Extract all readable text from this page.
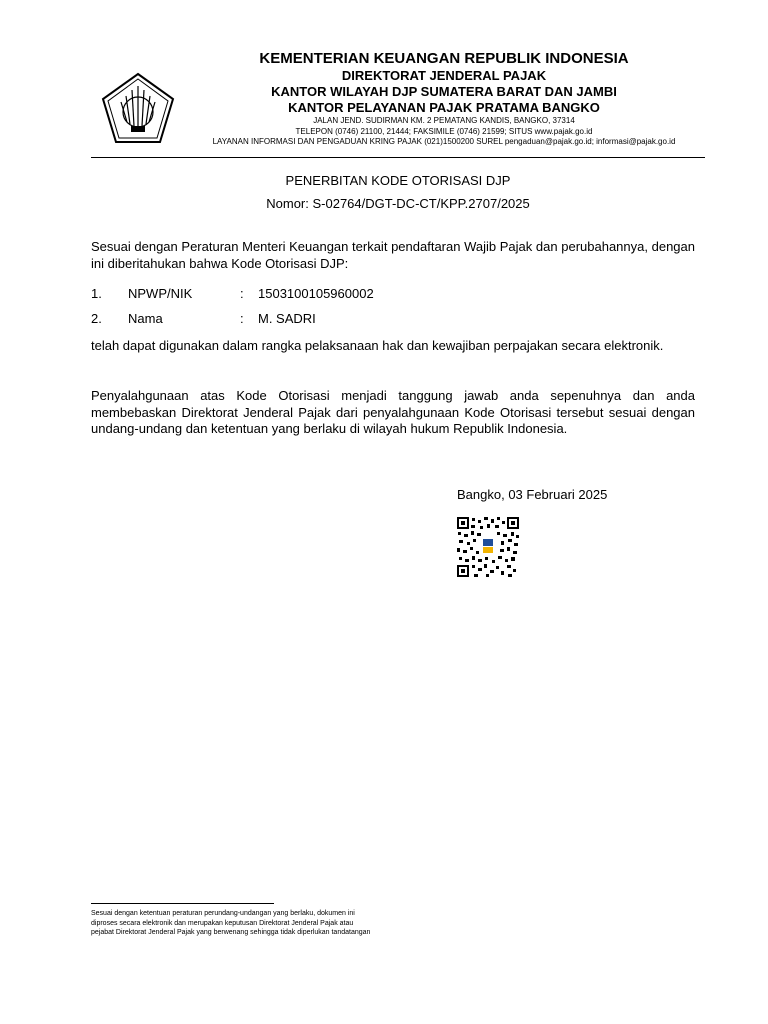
KEMENTERIAN KEUANGAN REPUBLIK INDONESIA
DIREKTORAT JENDERAL PAJAK
KANTOR WILAYAH DJP SUMATERA BARAT DAN JAMBI
KANTOR PELAYANAN PAJAK PRATAMA BANGKO
JALAN JEND. SUDIRMAN KM. 2 PEMATANG KANDIS, BANGKO, 37314
TELEPON (0746) 21100, 21444; FAKSIMILE (0746) 21599; SITUS www.pajak.go.id
LAYANAN INFORMASI DAN PENGADUAN KRING PAJAK (021)1500200 SUREL pengaduan@pajak.go.id; informasi@pajak.go.id
PENERBITAN KODE OTORISASI DJP
Nomor: S-02764/DGT-DC-CT/KPP.2707/2025
Sesuai dengan Peraturan Menteri Keuangan terkait pendaftaran Wajib Pajak dan perubahannya, dengan ini diberitahukan bahwa Kode Otorisasi DJP:
1. NPWP/NIK	: 1503100105960002
2. Nama	: M. SADRI
telah dapat digunakan dalam rangka pelaksanaan hak dan kewajiban perpajakan secara elektronik.
Penyalahgunaan atas Kode Otorisasi menjadi tanggung jawab anda sepenuhnya dan anda membebaskan Direktorat Jenderal Pajak dari penyalahgunaan Kode Otorisasi tersebut sesuai dengan undang-undang dan ketentuan yang berlaku di wilayah hukum Republik Indonesia.
Bangko, 03 Februari 2025
Sesuai dengan ketentuan peraturan perundang-undangan yang berlaku, dokumen ini
diproses secara elektronik dan merupakan keputusan Direktorat Jenderal Pajak atau
pejabat Direktorat Jenderal Pajak yang berwenang sehingga tidak diperlukan tandatangan
